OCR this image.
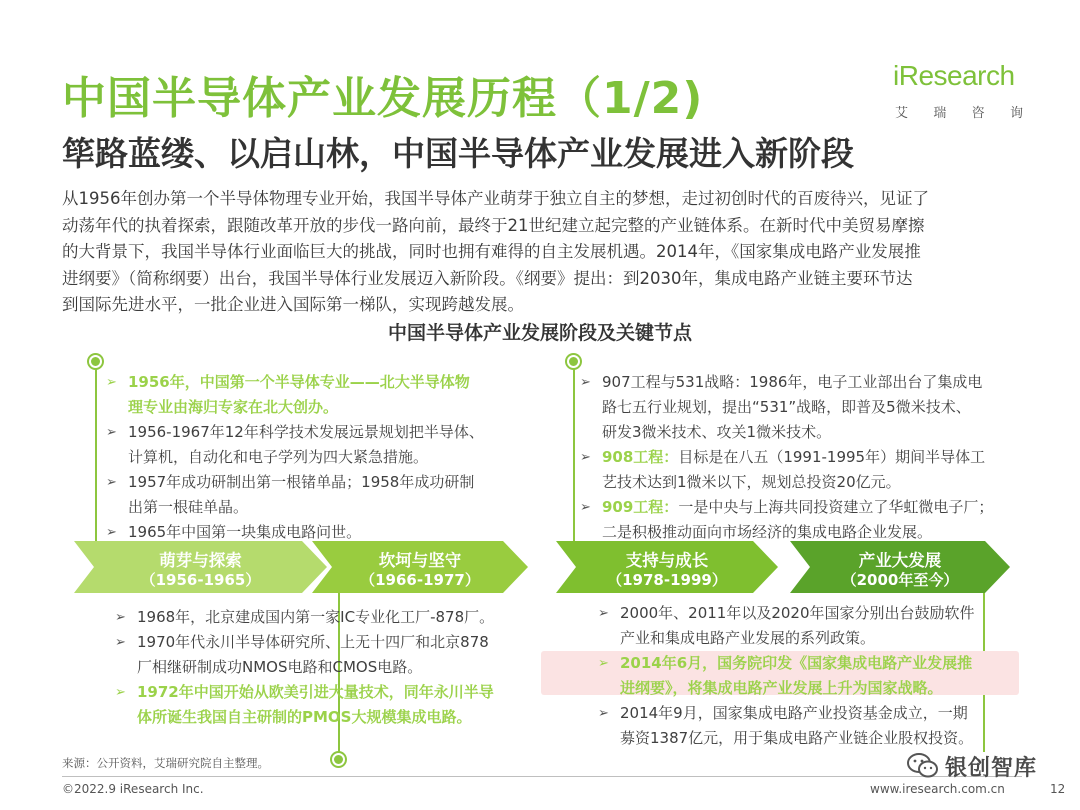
中国半导体产业发展历程（1/2)
筚路蓝缕、以启山林，中国半导体产业发展进入新阶段
iResearch
艾 瑞 咨 询
从1956年创办第一个半导体物理专业开始，我国半导体产业萌芽于独立自主的梦想，走过初创时代的百废待兴，见证了
动荡年代的执着探索，跟随改革开放的步伐一路向前，最终于21世纪建立起完整的产业链体系。在新时代中美贸易摩擦
的大背景下，我国半导体行业面临巨大的挑战，同时也拥有难得的自主发展机遇。2014年，《国家集成电路产业发展推
进纲要》（简称纲要）出台，我国半导体行业发展迈入新阶段。《纲要》提出：到2030年，集成电路产业链主要环节达
到国际先进水平，一批企业进入国际第一梯队，实现跨越发展。
中国半导体产业发展阶段及关键节点
➢ 1956年，中国第一个半导体专业——北大半导体物
理专业由海归专家在北大创办。
➢ 1956-1967年12年科学技术发展远景规划把半导体、
计算机，自动化和电子学列为四大紧急措施。
➢ 1957年成功研制出第一根锗单晶；1958年成功研制
出第一根硅单晶。
➢ 1965年中国第一块集成电路问世。
➢ 907工程与531战略：1986年，电子工业部出台了集成电
路七五行业规划，提出“531”战略，即普及5微米技术、
研发3微米技术、攻关1微米技术。
➢ 908工程：目标是在八五（1991-1995年）期间半导体工
艺技术达到1微米以下，规划总投资20亿元。
➢ 909工程：一是中央与上海共同投资建立了华虹微电子厂；
二是积极推动面向市场经济的集成电路企业发展。
萌芽与探索
（1956-1965）
坎坷与坚守
（1966-1977）
支持与成长
（1978-1999）
产业大发展
（2000年至今）
➢ 1968年，北京建成国内第一家IC专业化工厂-878厂。
➢ 1970年代永川半导体研究所、上无十四厂和北京878
厂相继研制成功NMOS电路和CMOS电路。
➢ 1972年中国开始从欧美引进大量技术，同年永川半导
体所诞生我国自主研制的PMOS大规模集成电路。
➢ 2000年、2011年以及2020年国家分别出台鼓励软件
产业和集成电路产业发展的系列政策。
➢ 2014年6月，国务院印发《国家集成电路产业发展推
进纲要》，将集成电路产业发展上升为国家战略。
➢ 2014年9月，国家集成电路产业投资基金成立，一期
募资1387亿元，用于集成电路产业链企业股权投资。
来源：公开资料，艾瑞研究院自主整理。
©2022.9 iResearch Inc.	www.iresearch.com.cn	12
银创智库
